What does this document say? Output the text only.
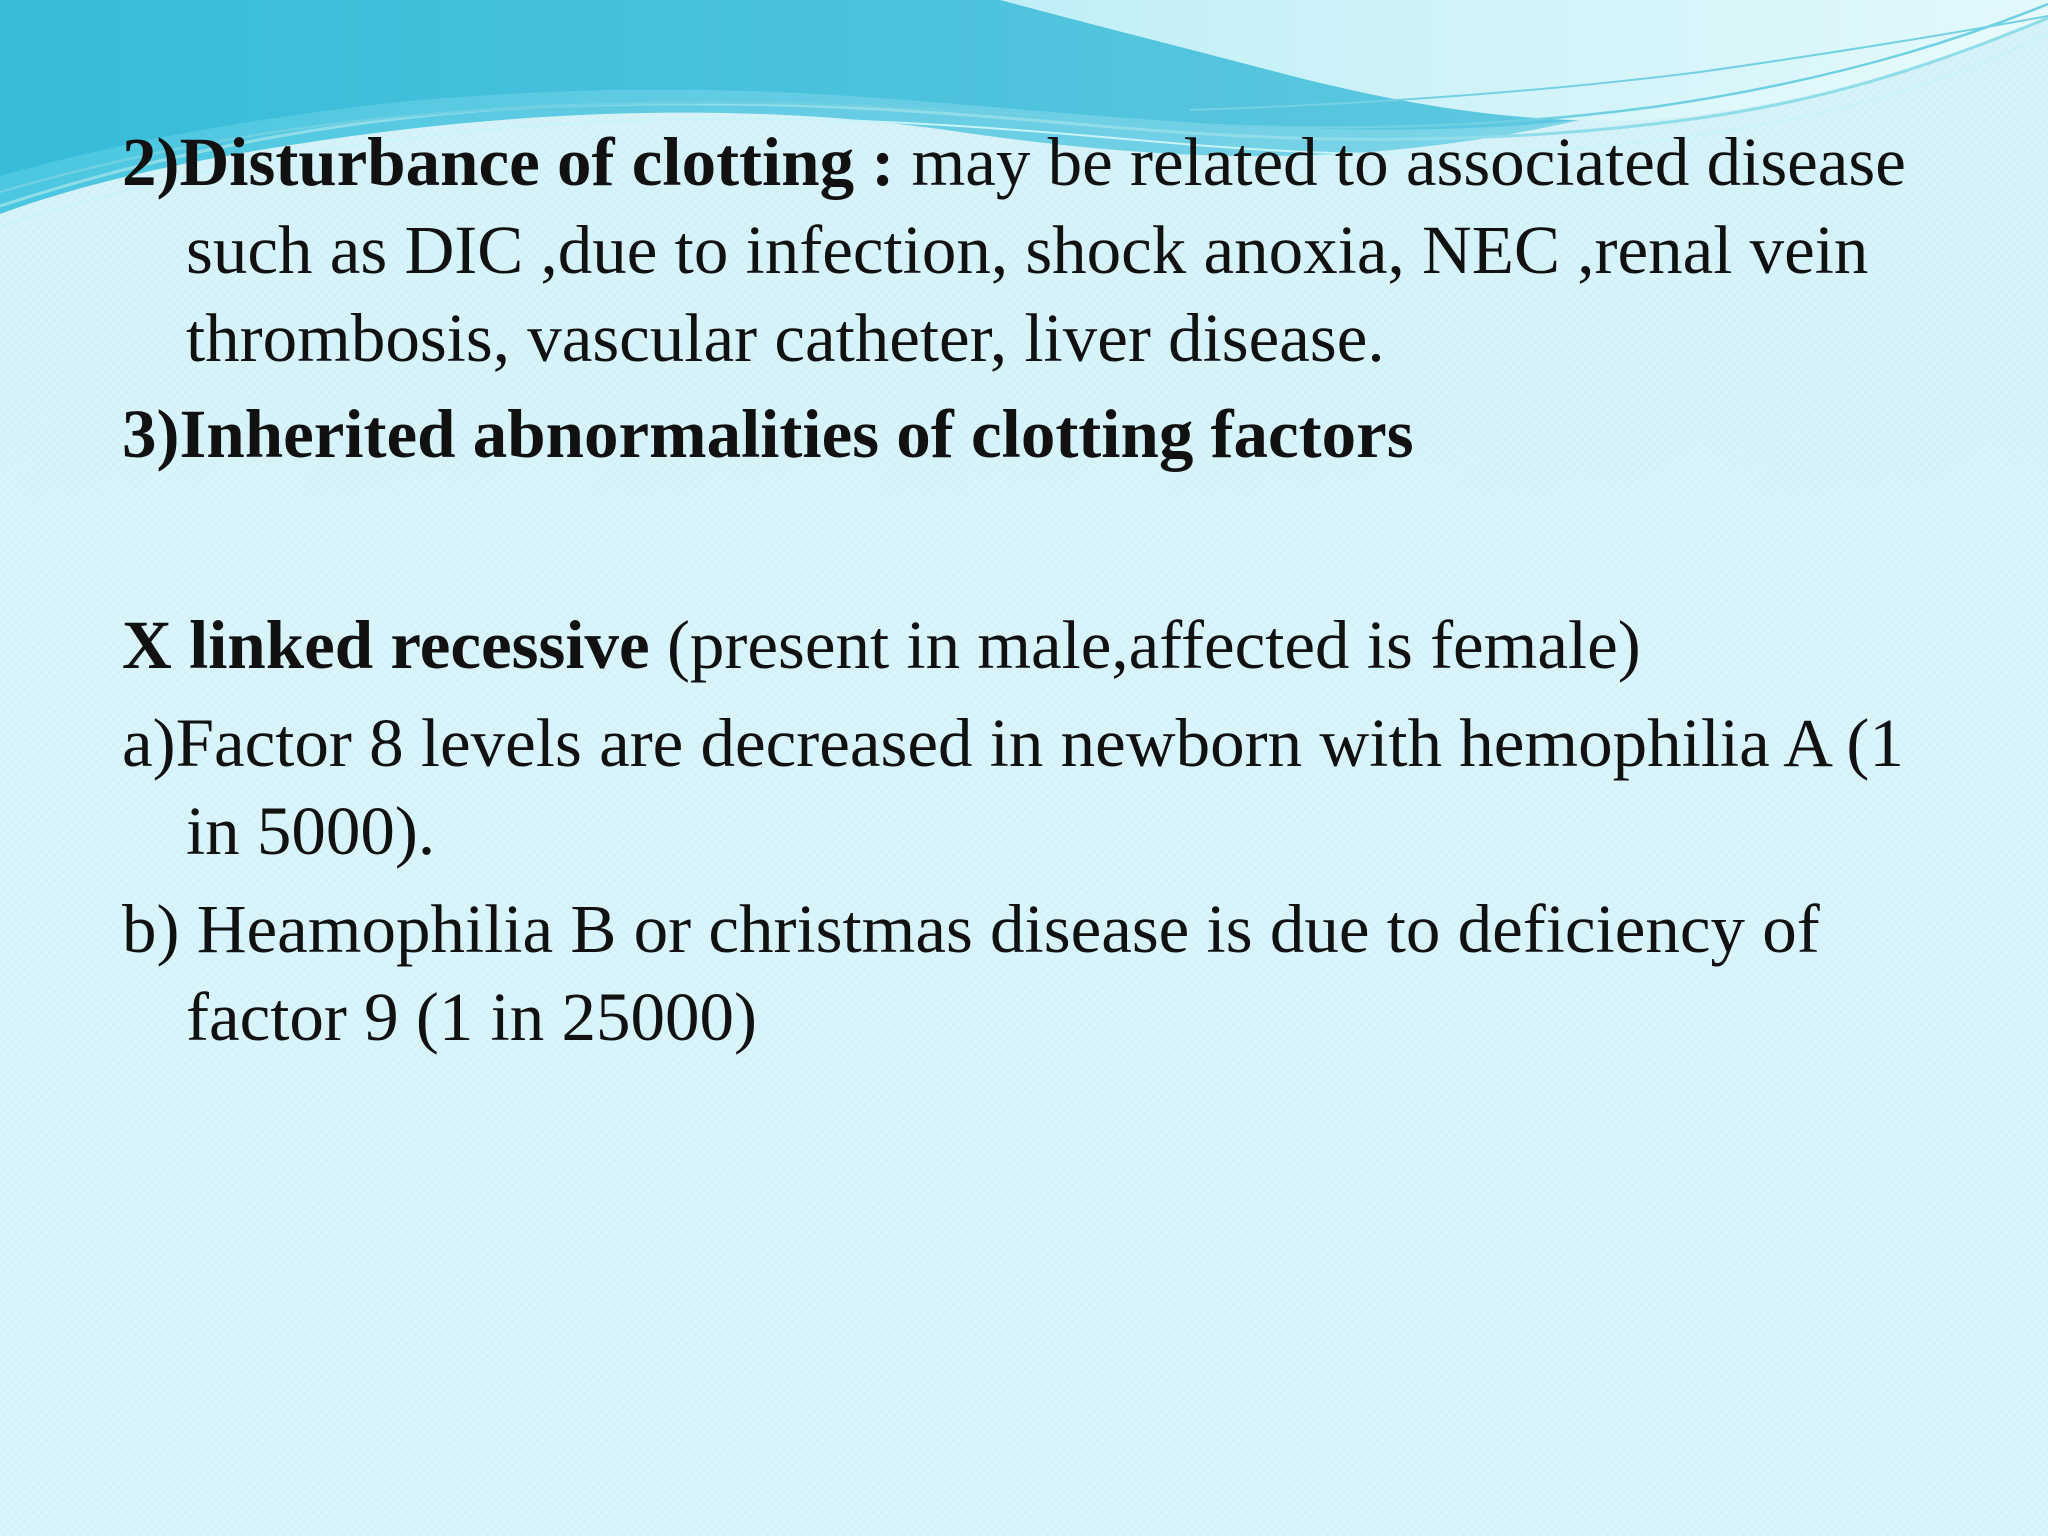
2)Disturbance of clotting : may be related to associated disease such as DIC ,due to infection, shock anoxia, NEC ,renal vein thrombosis, vascular catheter, liver disease.

3)Inherited abnormalities of clotting factors

X linked recessive (present in male,affected is female)

a)Factor 8 levels are decreased in newborn with hemophilia A (1 in 5000).

b) Heamophilia B or christmas disease is due to deficiency of factor 9 (1 in 25000)
